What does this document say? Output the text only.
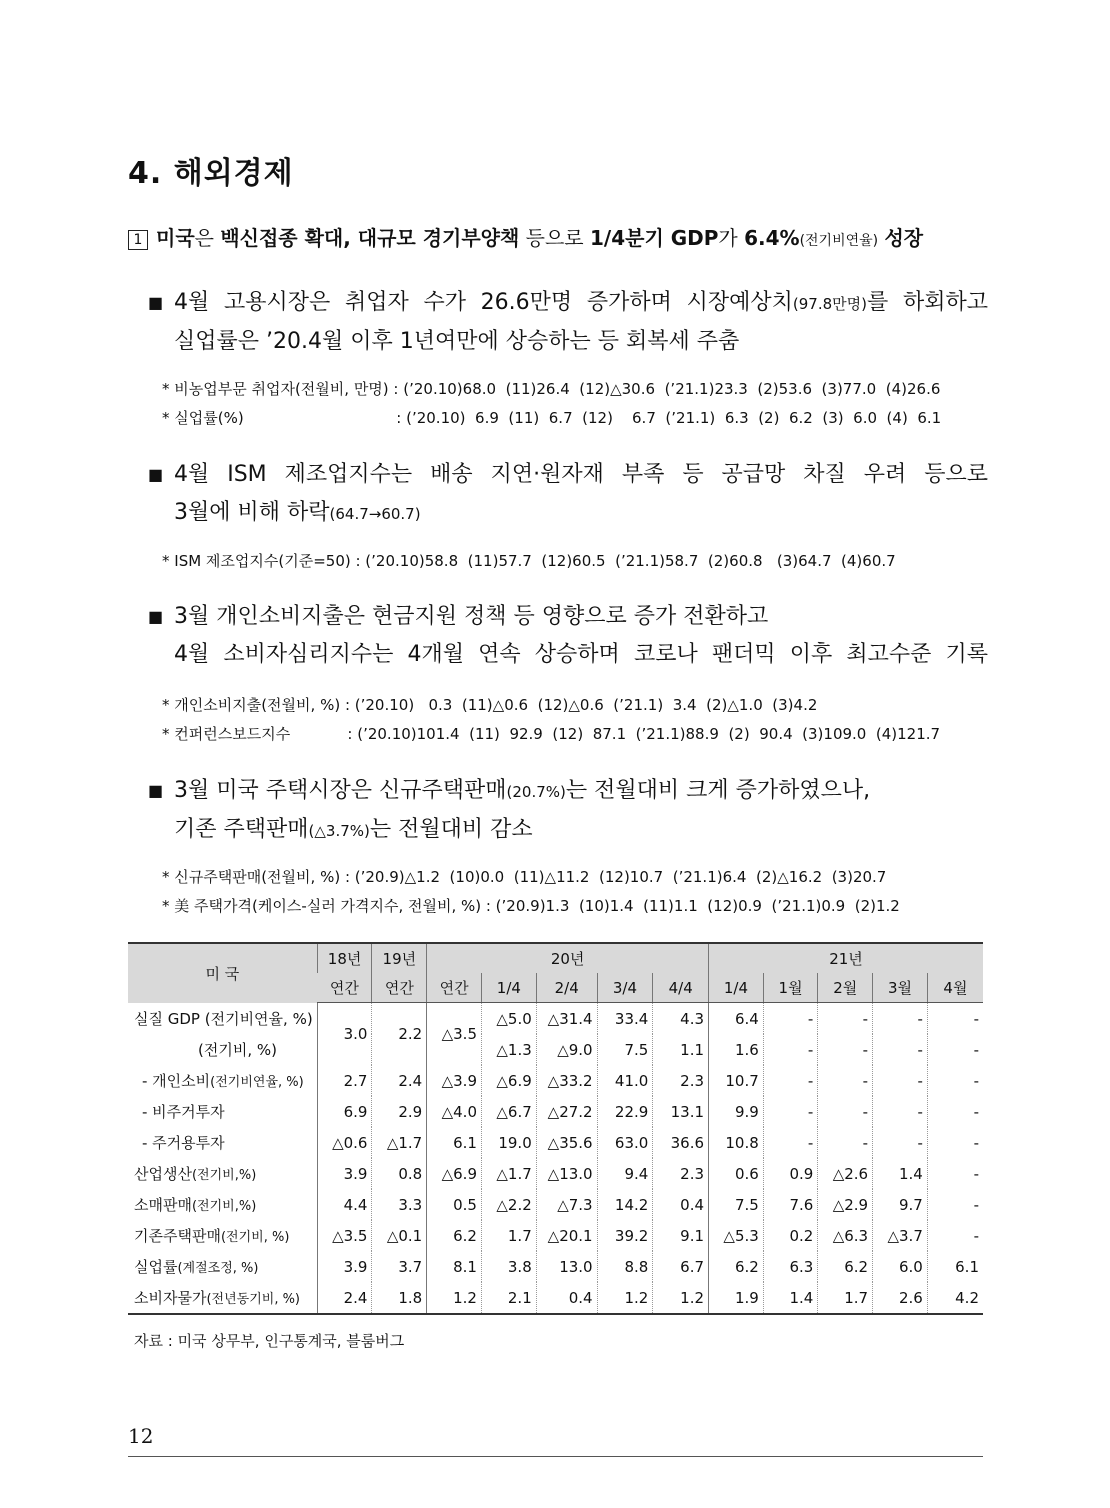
4. 해외경제
1 미국은 백신접종 확대, 대규모 경기부양책 등으로 1/4분기 GDP가 6.4%(전기비연율) 성장
■ 4월 고용시장은 취업자 수가 26.6만명 증가하며 시장예상치(97.8만명)를 하회하고
실업률은 ’20.4월 이후 1년여만에 상승하는 등 회복세 주춤
* 비농업부문 취업자(전월비, 만명) : (’20.10)68.0  (11)26.4  (12)△30.6  (’21.1)23.3  (2)53.6  (3)77.0  (4)26.6
* 실업률(%)                                : (’20.10)  6.9  (11)  6.7  (12)    6.7  (’21.1)  6.3  (2)  6.2  (3)  6.0  (4)  6.1
■ 4월 ISM 제조업지수는 배송 지연·원자재 부족 등 공급망 차질 우려 등으로
3월에 비해 하락(64.7→60.7)
* ISM 제조업지수(기준=50) : (’20.10)58.8  (11)57.7  (12)60.5  (’21.1)58.7  (2)60.8   (3)64.7  (4)60.7
■ 3월 개인소비지출은 현금지원 정책 등 영향으로 증가 전환하고
4월 소비자심리지수는 4개월 연속 상승하며 코로나 팬더믹 이후 최고수준 기록
* 개인소비지출(전월비, %) : (’20.10)   0.3  (11)△0.6  (12)△0.6  (’21.1)  3.4  (2)△1.0  (3)4.2
* 컨퍼런스보드지수            : (’20.10)101.4  (11)  92.9  (12)  87.1  (’21.1)88.9  (2)  90.4  (3)109.0  (4)121.7
■ 3월 미국 주택시장은 신규주택판매(20.7%)는 전월대비 크게 증가하였으나,
기존 주택판매(△3.7%)는 전월대비 감소
* 신규주택판매(전월비, %) : (’20.9)△1.2  (10)0.0  (11)△11.2  (12)10.7  (’21.1)6.4  (2)△16.2  (3)20.7
* 美 주택가격(케이스-실러 가격지수, 전월비, %) : (’20.9)1.3  (10)1.4  (11)1.1  (12)0.9  (’21.1)0.9  (2)1.2
미 국	18년	19년	20년					21년				
	연간	연간	연간	1/4	2/4	3/4	4/4	1/4	1월	2월	3월	4월
실질 GDP (전기비연율, %)	3.0	2.2	△3.5	△5.0	△31.4	33.4	4.3	6.4	-	-	-	-
(전기비, %)				△1.3	△9.0	7.5	1.1	1.6	-	-	-	-
- 개인소비(전기비연율, %)	2.7	2.4	△3.9	△6.9	△33.2	41.0	2.3	10.7	-	-	-	-
- 비주거투자	6.9	2.9	△4.0	△6.7	△27.2	22.9	13.1	9.9	-	-	-	-
- 주거용투자	△0.6	△1.7	6.1	19.0	△35.6	63.0	36.6	10.8	-	-	-	-
산업생산(전기비,%)	3.9	0.8	△6.9	△1.7	△13.0	9.4	2.3	0.6	0.9	△2.6	1.4	-
소매판매(전기비,%)	4.4	3.3	0.5	△2.2	△7.3	14.2	0.4	7.5	7.6	△2.9	9.7	-
기존주택판매(전기비, %)	△3.5	△0.1	6.2	1.7	△20.1	39.2	9.1	△5.3	0.2	△6.3	△3.7	-
실업률(계절조정, %)	3.9	3.7	8.1	3.8	13.0	8.8	6.7	6.2	6.3	6.2	6.0	6.1
소비자물가(전년동기비, %)	2.4	1.8	1.2	2.1	0.4	1.2	1.2	1.9	1.4	1.7	2.6	4.2
자료 : 미국 상무부, 인구통계국, 블룸버그
12
